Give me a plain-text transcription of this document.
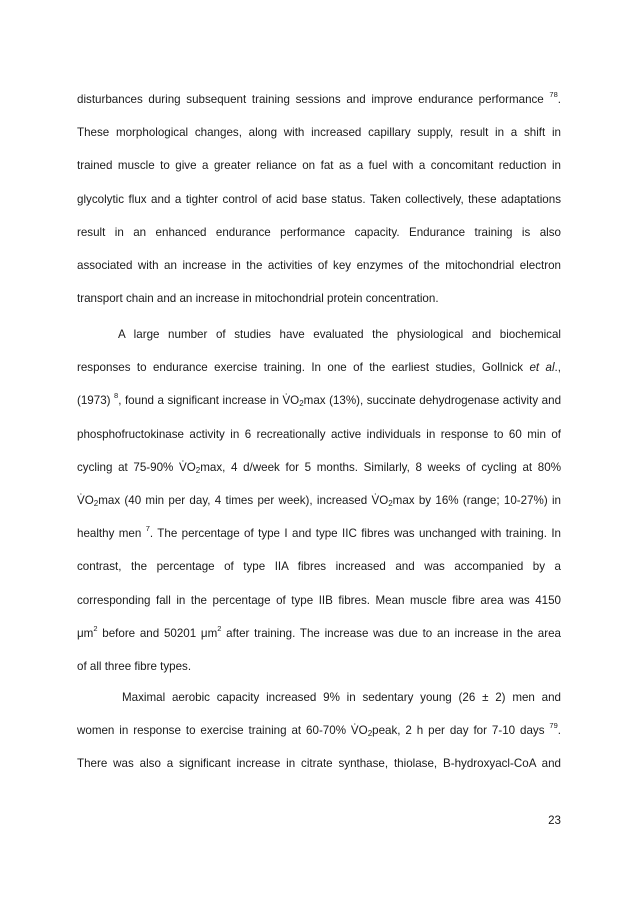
disturbances during subsequent training sessions and improve endurance performance $^{78}$.
These morphological changes, along with increased capillary supply, result in a shift in
trained muscle to give a greater reliance on fat as a fuel with a concomitant reduction in
glycolytic flux and a tighter control of acid base status. Taken collectively, these adaptations
result in an enhanced endurance performance capacity. Endurance training is also
associated with an increase in the activities of key enzymes of the mitochondrial electron
transport chain and an increase in mitochondrial protein concentration.
A large number of studies have evaluated the physiological and biochemical
responses to endurance exercise training. In one of the earliest studies, Gollnick et al.,
(1973) $^8$, found a significant increase in $V̇O_2\max$ (13%), succinate dehydrogenase activity and
phosphofructokinase activity in 6 recreationally active individuals in response to 60 min of
cycling at 75-90% $V̇O_2\max$, 4 d/week for 5 months. Similarly, 8 weeks of cycling at 80%
$V̇O_2\max$ (40 min per day, 4 times per week), increased $V̇O_2\max$ by 16% (range; 10-27%) in
healthy men $^7$. The percentage of type I and type IIC fibres was unchanged with training. In
contrast, the percentage of type IIA fibres increased and was accompanied by a
corresponding fall in the percentage of type IIB fibres. Mean muscle fibre area was 4150
$\mu m^2$ before and 50201 $\mu m^2$ after training. The increase was due to an increase in the area
of all three fibre types.
Maximal aerobic capacity increased 9% in sedentary young (26 ± 2) men and
women in response to exercise training at 60-70% $V̇O_2peak$, 2 h per day for 7-10 days $^{79}$.
There was also a significant increase in citrate synthase, thiolase, B-hydroxyacl-CoA and
23
